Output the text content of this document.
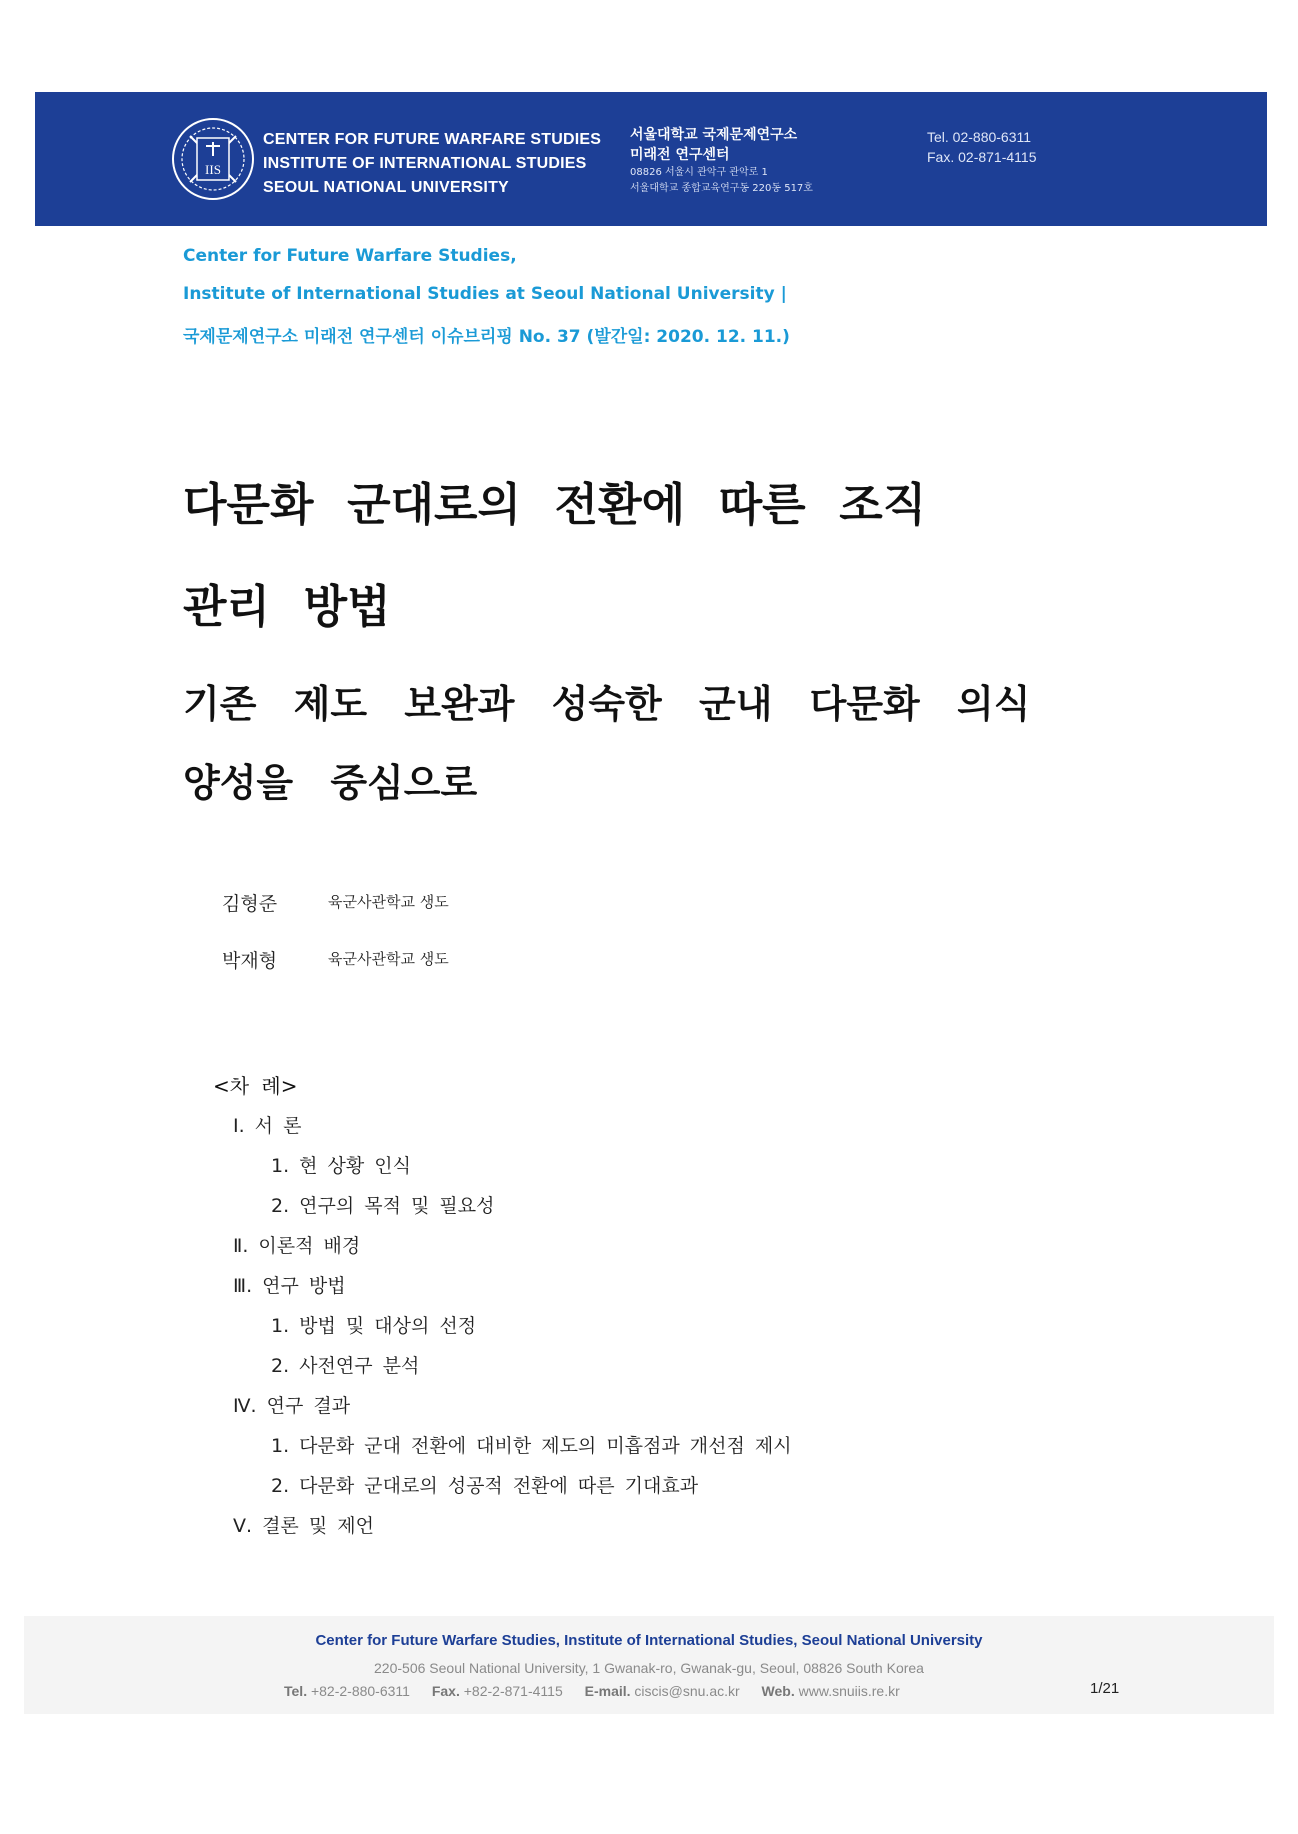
IIS
CENTER FOR FUTURE WARFARE STUDIES
INSTITUTE OF INTERNATIONAL STUDIES
SEOUL NATIONAL UNIVERSITY
서울대학교 국제문제연구소
미래전 연구센터
08826 서울시 관악구 관악로 1
서울대학교 종합교육연구동 220동 517호
Tel. 02-880-6311
Fax. 02-871-4115
Center for Future Warfare Studies,
Institute of International Studies at Seoul National University |
국제문제연구소 미래전 연구센터 이슈브리핑 No. 37 (발간일: 2020. 12. 11.)
다문화 군대로의 전환에 따른 조직
관리 방법
기존 제도 보완과 성숙한 군내 다문화 의식
양성을 중심으로
김형준	육군사관학교 생도
박재형	육군사관학교 생도
<차 례>
Ⅰ. 서 론
1. 현 상황 인식
2. 연구의 목적 및 필요성
Ⅱ. 이론적 배경
Ⅲ. 연구 방법
1. 방법 및 대상의 선정
2. 사전연구 분석
Ⅳ. 연구 결과
1. 다문화 군대 전환에 대비한 제도의 미흡점과 개선점 제시
2. 다문화 군대로의 성공적 전환에 따른 기대효과
Ⅴ. 결론 및 제언
Center for Future Warfare Studies, Institute of International Studies, Seoul National University
220-506 Seoul National University, 1 Gwanak-ro, Gwanak-gu, Seoul, 08826 South Korea
Tel. +82-2-880-6311 Fax. +82-2-871-4115 E-mail. ciscis@snu.ac.kr Web. www.snuiis.re.kr	1/21
